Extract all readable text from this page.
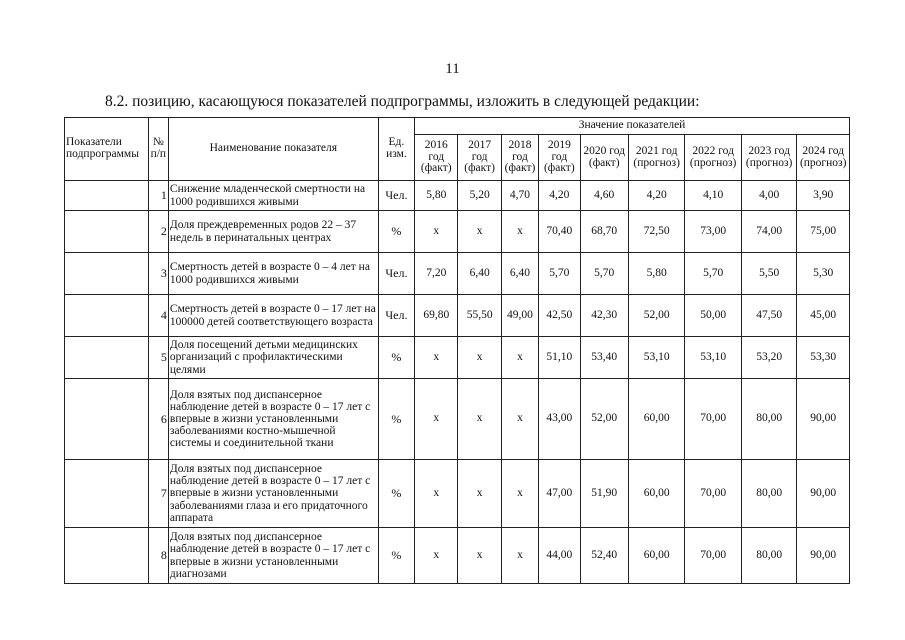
11
8.2. позицию, касающуюся показателей подпрограммы, изложить в следующей редакции:
Показатели подпрограммы	№ п/п	Наименование показателя	Ед. изм.	Значение показателей								
				2016 год (факт)	2017 год (факт)	2018 год (факт)	2019 год (факт)	2020 год (факт)	2021 год (прогноз)	2022 год (прогноз)	2023 год (прогноз)	2024 год (прогноз)
	1	Снижение младенческой смертности на 1000 родившихся живыми	Чел.	5,80	5,20	4,70	4,20	4,60	4,20	4,10	4,00	3,90
	2	Доля преждевременных родов 22 – 37 недель в перинатальных центрах	%	х	х	х	70,40	68,70	72,50	73,00	74,00	75,00
	3	Смертность детей в возрасте 0 – 4 лет на 1000 родившихся живыми	Чел.	7,20	6,40	6,40	5,70	5,70	5,80	5,70	5,50	5,30
	4	Смертность детей в возрасте 0 – 17 лет на 100000 детей соответствующего возраста	Чел.	69,80	55,50	49,00	42,50	42,30	52,00	50,00	47,50	45,00
	5	Доля посещений детьми медицинских организаций с профилактическими целями	%	х	х	х	51,10	53,40	53,10	53,10	53,20	53,30
	6	Доля взятых под диспансерное наблюдение детей в возрасте 0 – 17 лет с впервые в жизни установленными заболеваниями костно-мышечной системы и соединительной ткани	%	х	х	х	43,00	52,00	60,00	70,00	80,00	90,00
	7	Доля взятых под диспансерное наблюдение детей в возрасте 0 – 17 лет с впервые в жизни установленными заболеваниями глаза и его придаточного аппарата	%	х	х	х	47,00	51,90	60,00	70,00	80,00	90,00
	8	Доля взятых под диспансерное наблюдение детей в возрасте 0 – 17 лет с впервые в жизни установленными диагнозами	%	х	х	х	44,00	52,40	60,00	70,00	80,00	90,00
